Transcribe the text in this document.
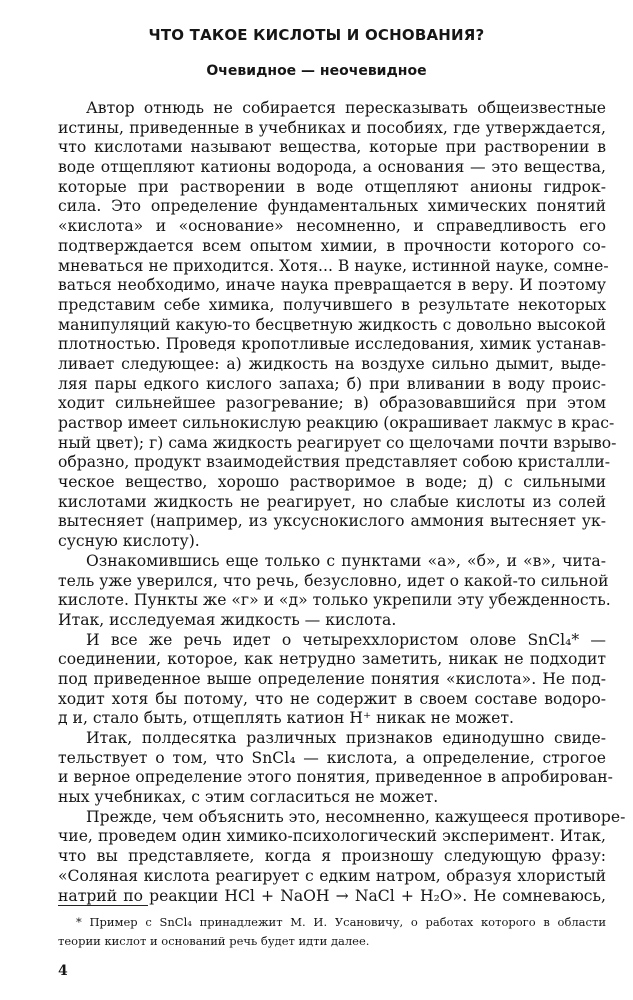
ЧТО ТАКОЕ КИСЛОТЫ И ОСНОВАНИЯ?
Очевидное — неочевидное
Автор отнюдь не собирается пересказывать общеизвестные
истины, приведенные в учебниках и пособиях, где утверждается,
что кислотами называют вещества, которые при растворении в
воде отщепляют катионы водорода, а основания — это вещества,
которые при растворении в воде отщепляют анионы гидрок-
сила. Это определение фундаментальных химических понятий
«кислота» и «основание» несомненно, и справедливость его
подтверждается всем опытом химии, в прочности которого со-
мневаться не приходится. Хотя... В науке, истинной науке, сомне-
ваться необходимо, иначе наука превращается в веру. И поэтому
представим себе химика, получившего в результате некоторых
манипуляций какую-то бесцветную жидкость с довольно высокой
плотностью. Проведя кропотливые исследования, химик устанав-
ливает следующее: а) жидкость на воздухе сильно дымит, выде-
ляя пары едкого кислого запаха; б) при вливании в воду проис-
ходит сильнейшее разогревание; в) образовавшийся при этом
раствор имеет сильнокислую реакцию (окрашивает лакмус в крас-
ный цвет); г) сама жидкость реагирует со щелочами почти взрыво-
образно, продукт взаимодействия представляет собою кристалли-
ческое вещество, хорошо растворимое в воде; д) с сильными
кислотами жидкость не реагирует, но слабые кислоты из солей
вытесняет (например, из уксуснокислого аммония вытесняет ук-
сусную кислоту).
Ознакомившись еще только с пунктами «а», «б», и «в», чита-
тель уже уверился, что речь, безусловно, идет о какой-то сильной
кислоте. Пункты же «г» и «д» только укрепили эту убежденность.
Итак, исследуемая жидкость — кислота.
И все же речь идет о четыреххлористом олове SnCl₄* —
соединении, которое, как нетрудно заметить, никак не подходит
под приведенное выше определение понятия «кислота». Не под-
ходит хотя бы потому, что не содержит в своем составе водоро-
д и, стало быть, отщеплять катион H⁺ никак не может.
Итак, полдесятка различных признаков единодушно свиде-
тельствует о том, что SnCl₄ — кислота, а определение, строгое
и верное определение этого понятия, приведенное в апробирован-
ных учебниках, с этим согласиться не может.
Прежде, чем объяснить это, несомненно, кажущееся противоре-
чие, проведем один химико-психологический эксперимент. Итак,
что вы представляете, когда я произношу следующую фразу:
«Соляная кислота реагирует с едким натром, образуя хлористый
натрий по реакции HCl + NaOH → NaCl + H₂O». Не сомневаюсь,
* Пример с SnCl₄ принадлежит М. И. Усановичу, о работах которого в области
теории кислот и оснований речь будет идти далее.
4
